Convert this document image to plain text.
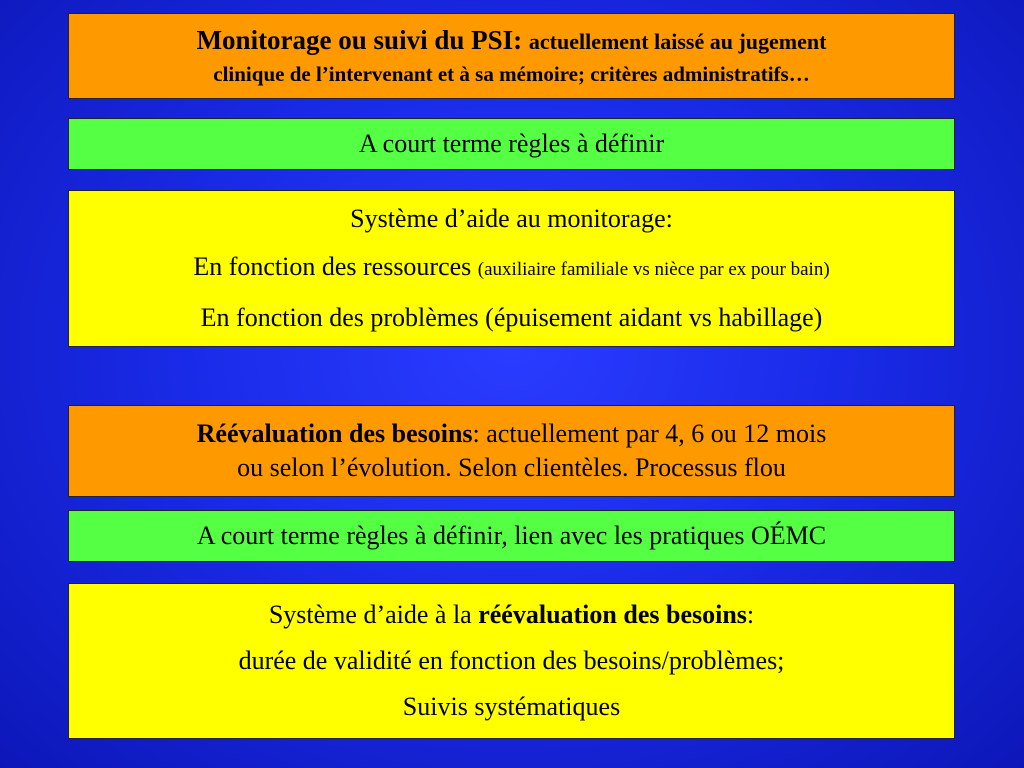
Monitorage ou suivi du PSI: actuellement laissé au jugement
clinique de l’intervenant et à sa mémoire; critères administratifs…
A court terme règles à définir
Système d’aide au monitorage:
En fonction des ressources (auxiliaire familiale vs nièce par ex pour bain)
En fonction des problèmes (épuisement aidant vs habillage)
Réévaluation des besoins: actuellement par 4, 6 ou 12 mois
ou selon l’évolution. Selon clientèles. Processus flou
A court terme règles à définir, lien avec les pratiques OÉMC
Système d’aide à la réévaluation des besoins:
durée de validité en fonction des besoins/problèmes;
Suivis systématiques
